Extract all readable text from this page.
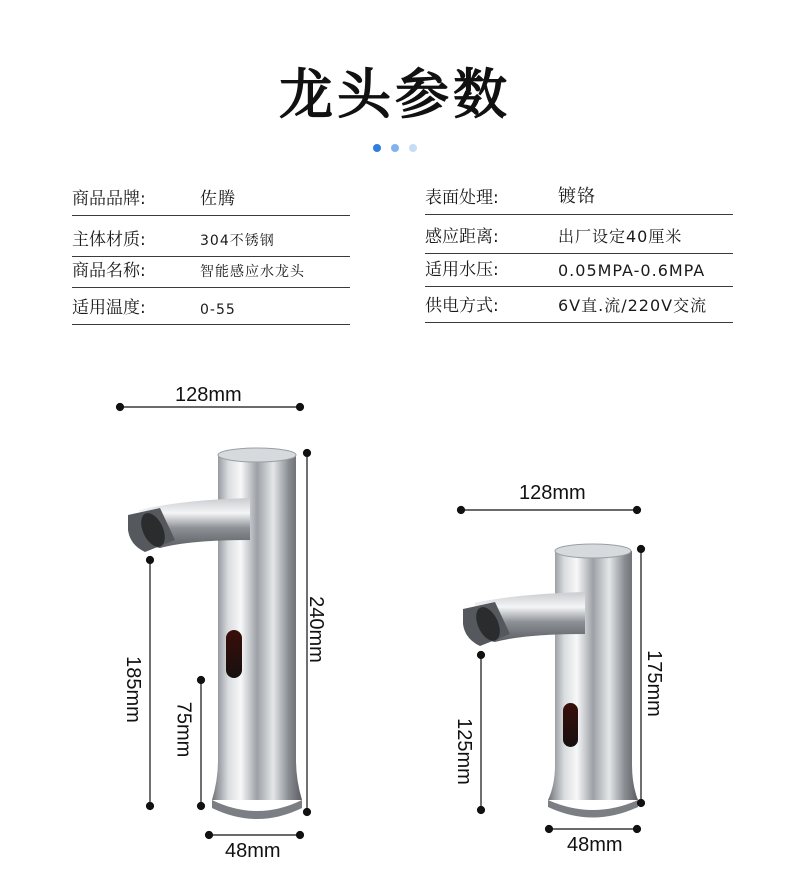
龙头参数

商品品牌:	佐腾
主体材质:	304不锈钢
商品名称:	智能感应水龙头
适用温度:	0-55
表面处理:	镀铬
感应距离:	出厂设定40厘米
适用水压:	0.05MPA-0.6MPA
供电方式:	6V直.流/220V交流
128mm
240mm
185mm
75mm
48mm
128mm
175mm
125mm
48mm
